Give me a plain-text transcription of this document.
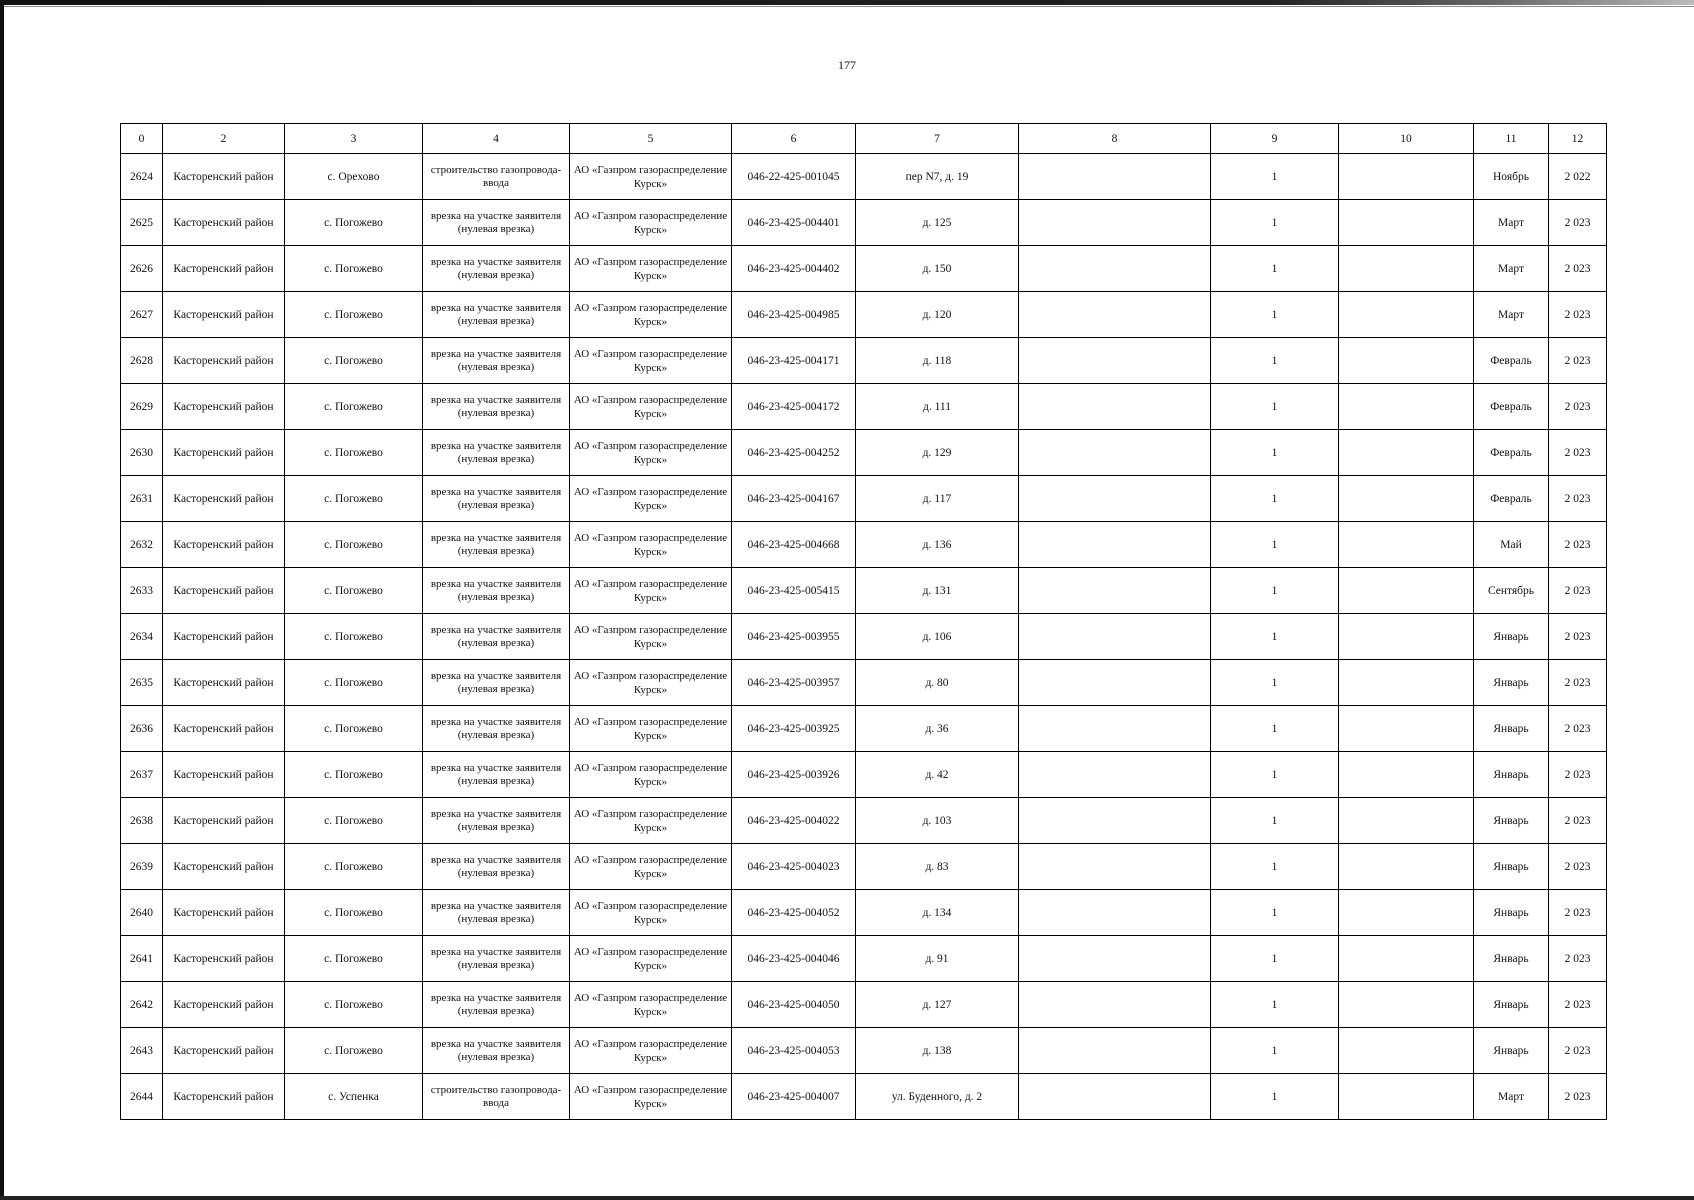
177
0	2	3	4	5	6	7	8	9	10	11	12
2624	Касторенский район	с. Орехово	строительство газопровода-ввода	АО «Газпром газораспределение Курск»	046-22-425-001045	пер N7, д. 19		1		Ноябрь	2 022
2625	Касторенский район	с. Погожево	врезка на участке заявителя (нулевая врезка)	АО «Газпром газораспределение Курск»	046-23-425-004401	д. 125		1		Март	2 023
2626	Касторенский район	с. Погожево	врезка на участке заявителя (нулевая врезка)	АО «Газпром газораспределение Курск»	046-23-425-004402	д. 150		1		Март	2 023
2627	Касторенский район	с. Погожево	врезка на участке заявителя (нулевая врезка)	АО «Газпром газораспределение Курск»	046-23-425-004985	д. 120		1		Март	2 023
2628	Касторенский район	с. Погожево	врезка на участке заявителя (нулевая врезка)	АО «Газпром газораспределение Курск»	046-23-425-004171	д. 118		1		Февраль	2 023
2629	Касторенский район	с. Погожево	врезка на участке заявителя (нулевая врезка)	АО «Газпром газораспределение Курск»	046-23-425-004172	д. 111		1		Февраль	2 023
2630	Касторенский район	с. Погожево	врезка на участке заявителя (нулевая врезка)	АО «Газпром газораспределение Курск»	046-23-425-004252	д. 129		1		Февраль	2 023
2631	Касторенский район	с. Погожево	врезка на участке заявителя (нулевая врезка)	АО «Газпром газораспределение Курск»	046-23-425-004167	д. 117		1		Февраль	2 023
2632	Касторенский район	с. Погожево	врезка на участке заявителя (нулевая врезка)	АО «Газпром газораспределение Курск»	046-23-425-004668	д. 136		1		Май	2 023
2633	Касторенский район	с. Погожево	врезка на участке заявителя (нулевая врезка)	АО «Газпром газораспределение Курск»	046-23-425-005415	д. 131		1		Сентябрь	2 023
2634	Касторенский район	с. Погожево	врезка на участке заявителя (нулевая врезка)	АО «Газпром газораспределение Курск»	046-23-425-003955	д. 106		1		Январь	2 023
2635	Касторенский район	с. Погожево	врезка на участке заявителя (нулевая врезка)	АО «Газпром газораспределение Курск»	046-23-425-003957	д. 80		1		Январь	2 023
2636	Касторенский район	с. Погожево	врезка на участке заявителя (нулевая врезка)	АО «Газпром газораспределение Курск»	046-23-425-003925	д. 36		1		Январь	2 023
2637	Касторенский район	с. Погожево	врезка на участке заявителя (нулевая врезка)	АО «Газпром газораспределение Курск»	046-23-425-003926	д. 42		1		Январь	2 023
2638	Касторенский район	с. Погожево	врезка на участке заявителя (нулевая врезка)	АО «Газпром газораспределение Курск»	046-23-425-004022	д. 103		1		Январь	2 023
2639	Касторенский район	с. Погожево	врезка на участке заявителя (нулевая врезка)	АО «Газпром газораспределение Курск»	046-23-425-004023	д. 83		1		Январь	2 023
2640	Касторенский район	с. Погожево	врезка на участке заявителя (нулевая врезка)	АО «Газпром газораспределение Курск»	046-23-425-004052	д. 134		1		Январь	2 023
2641	Касторенский район	с. Погожево	врезка на участке заявителя (нулевая врезка)	АО «Газпром газораспределение Курск»	046-23-425-004046	д. 91		1		Январь	2 023
2642	Касторенский район	с. Погожево	врезка на участке заявителя (нулевая врезка)	АО «Газпром газораспределение Курск»	046-23-425-004050	д. 127		1		Январь	2 023
2643	Касторенский район	с. Погожево	врезка на участке заявителя (нулевая врезка)	АО «Газпром газораспределение Курск»	046-23-425-004053	д. 138		1		Январь	2 023
2644	Касторенский район	с. Успенка	строительство газопровода-ввода	АО «Газпром газораспределение Курск»	046-23-425-004007	ул. Буденного, д. 2		1		Март	2 023
